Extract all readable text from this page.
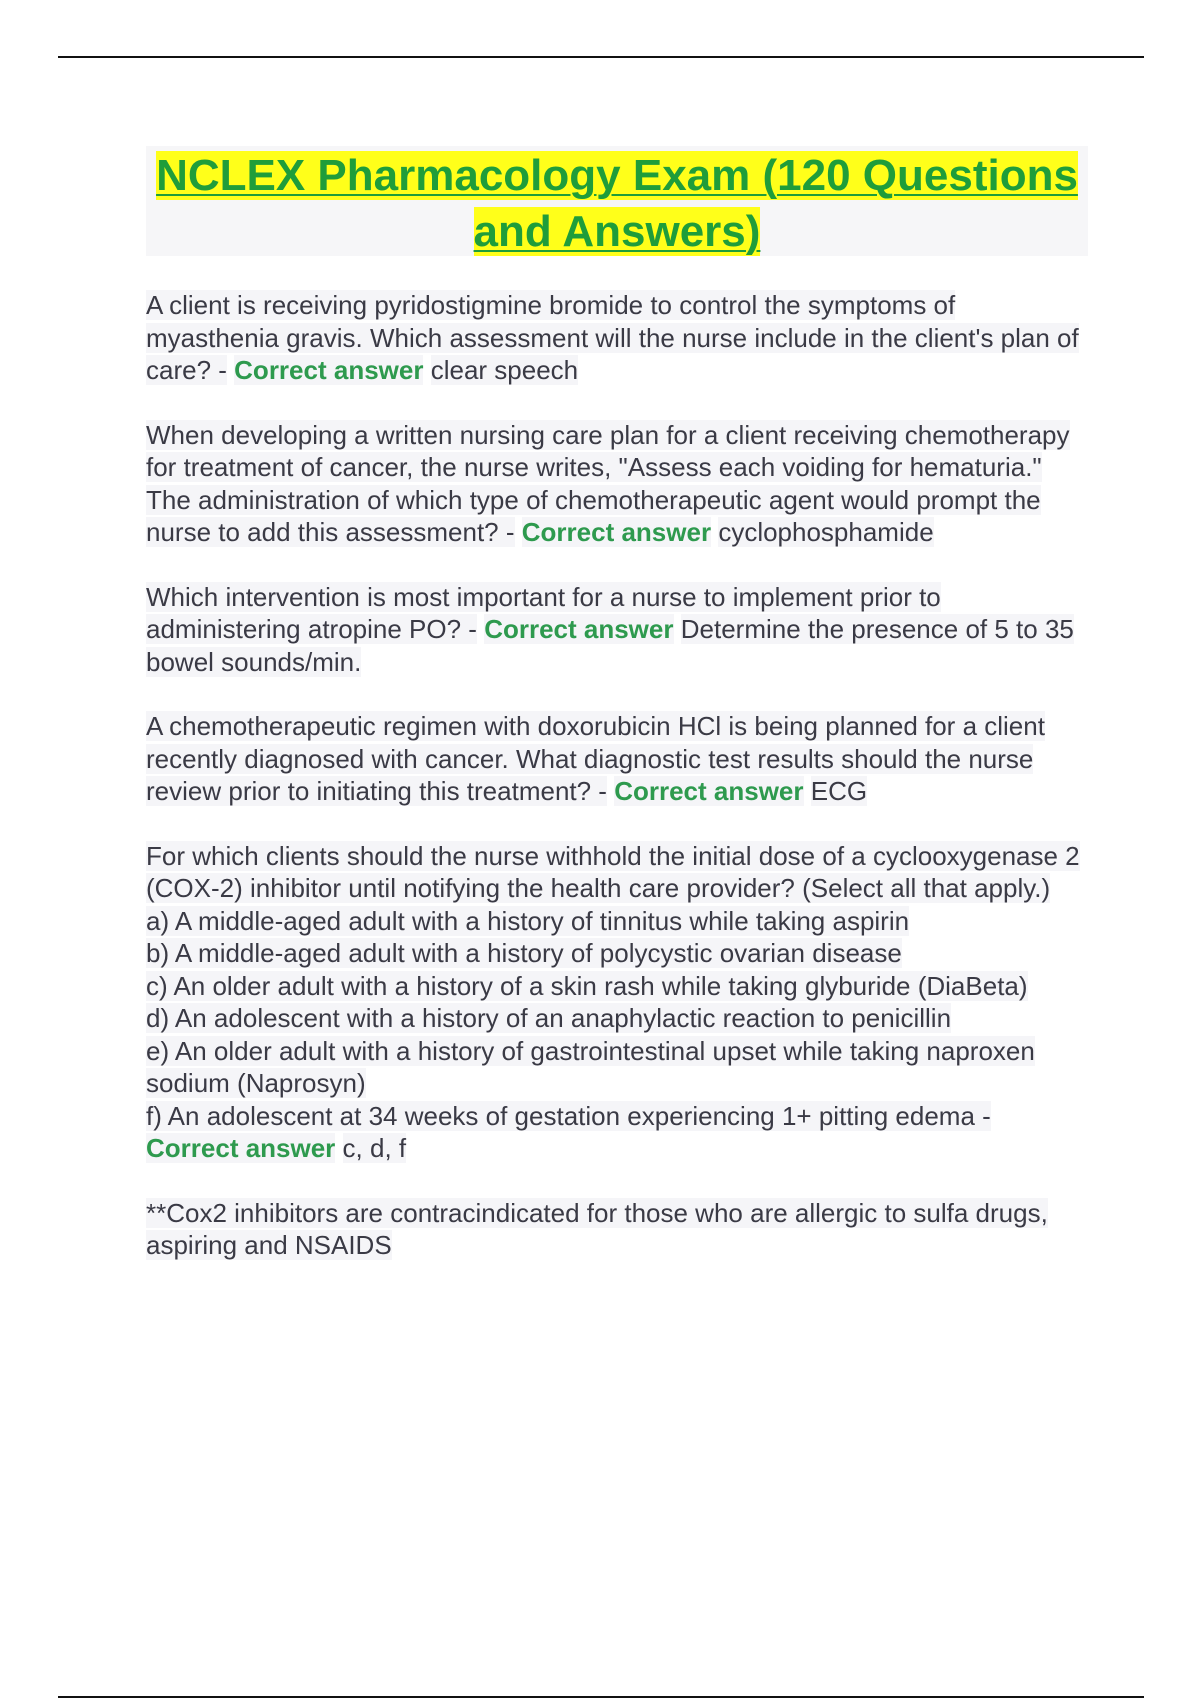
NCLEX Pharmacology Exam (120 Questions and Answers)

A client is receiving pyridostigmine bromide to control the symptoms of myasthenia gravis. Which assessment will the nurse include in the client's plan of care? - Correct answer clear speech

When developing a written nursing care plan for a client receiving chemotherapy for treatment of cancer, the nurse writes, "Assess each voiding for hematuria." The administration of which type of chemotherapeutic agent would prompt the nurse to add this assessment? - Correct answer cyclophosphamide

Which intervention is most important for a nurse to implement prior to administering atropine PO? - Correct answer Determine the presence of 5 to 35 bowel sounds/min.

A chemotherapeutic regimen with doxorubicin HCl is being planned for a client recently diagnosed with cancer. What diagnostic test results should the nurse review prior to initiating this treatment? - Correct answer ECG

For which clients should the nurse withhold the initial dose of a cyclooxygenase 2 (COX-2) inhibitor until notifying the health care provider? (Select all that apply.)

a) A middle-aged adult with a history of tinnitus while taking aspirin

b) A middle-aged adult with a history of polycystic ovarian disease

c) An older adult with a history of a skin rash while taking glyburide (DiaBeta)

d) An adolescent with a history of an anaphylactic reaction to penicillin

e) An older adult with a history of gastrointestinal upset while taking naproxen sodium (Naprosyn)

f) An adolescent at 34 weeks of gestation experiencing 1+ pitting edema - Correct answer c, d, f

**Cox2 inhibitors are contracindicated for those who are allergic to sulfa drugs, aspiring and NSAIDS
